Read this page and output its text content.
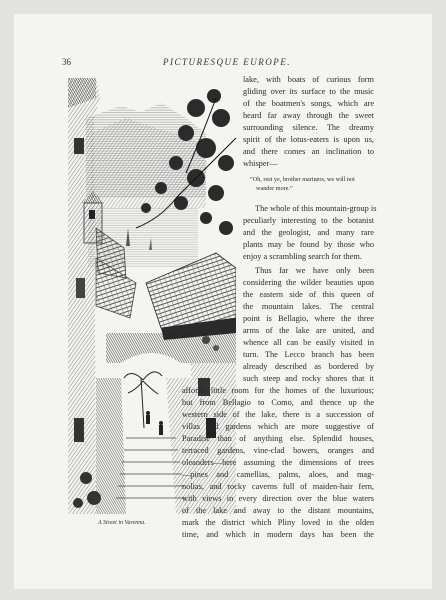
36	PICTURESQUE EUROPE.
A Street in Varenna.
lake, with boats of curious form
gliding over its surface to the music
of the boatmen's songs, which are
heard far away through the sweet
surrounding silence. The dreamy
spirit of the lotus-eaters is upon us,
and there comes an inclination to
whisper—
“Oh, rest ye, brother mariners, we will not
wander more.”
The whole of this mountain-group is
peculiarly interesting to the botanist
and the geologist, and many rare
plants may be found by those who
enjoy a scrambling search for them.
Thus far we have only been
considering the wilder beauties upon
the eastern side of this queen of
the mountain lakes. The central
point is Bellagio, where the three
arms of the lake are united, and
whence all can be easily visited in
turn. The Lecco branch has been
already described as bordered by
such steep and rocky shores that it
affords little room for the homes of the luxurious;
but from Bellagio to Como, and thence up the
western side of the lake, there is a succession of
villas and gardens which are more suggestive of
Paradise than of anything else. Splendid houses,
terraced gardens, vine-clad bowers, oranges and
oleanders—here assuming the dimensions of trees
—pines and camellias, palms, aloes, and mag-
nolias, and rocky caverns full of maiden-hair fern,
with views in every direction over the blue waters
of the lake and away to the distant mountains,
mark the district which Pliny loved in the olden
time, and which in modern days has been the
